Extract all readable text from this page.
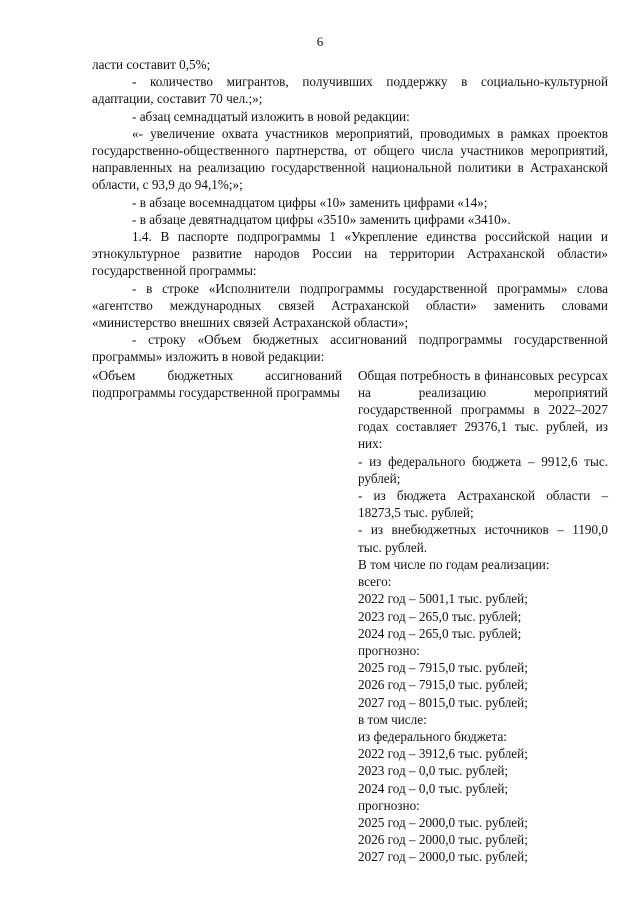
6

ласти составит 0,5%;

- количество мигрантов, получивших поддержку в социально-культурной адаптации, составит 70 чел.;»;

- абзац семнадцатый изложить в новой редакции:

«- увеличение охвата участников мероприятий, проводимых в рамках проектов государственно-общественного партнерства, от общего числа участников мероприятий, направленных на реализацию государственной национальной политики в Астраханской области, с 93,9 до 94,1%;»;

- в абзаце восемнадцатом цифры «10» заменить цифрами «14»;

- в абзаце девятнадцатом цифры «3510» заменить цифрами «3410».

1.4. В паспорте подпрограммы 1 «Укрепление единства российской нации и этнокультурное развитие народов России на территории Астраханской области» государственной программы:

- в строке «Исполнители подпрограммы государственной программы» слова «агентство международных связей Астраханской области» заменить словами «министерство внешних связей Астраханской области»;

- строку «Объем бюджетных ассигнований подпрограммы государственной программы» изложить в новой редакции:

«Объем бюджетных ассигнований подпрограммы государственной программы

Общая потребность в финансовых ресурсах на реализацию мероприятий государственной программы в 2022–2027 годах составляет 29376,1 тыс. рублей, из них:

- из федерального бюджета – 9912,6 тыс. рублей;

- из бюджета Астраханской области – 18273,5 тыс. рублей;

- из внебюджетных источников – 1190,0 тыс. рублей.

В том числе по годам реализации:

всего:

2022 год – 5001,1 тыс. рублей;

2023 год – 265,0 тыс. рублей;

2024 год – 265,0 тыс. рублей;

прогнозно:

2025 год – 7915,0 тыс. рублей;

2026 год – 7915,0 тыс. рублей;

2027 год – 8015,0 тыс. рублей;

в том числе:

из федерального бюджета:

2022 год – 3912,6 тыс. рублей;

2023 год – 0,0 тыс. рублей;

2024 год – 0,0 тыс. рублей;

прогнозно:

2025 год – 2000,0 тыс. рублей;

2026 год – 2000,0 тыс. рублей;

2027 год – 2000,0 тыс. рублей;
